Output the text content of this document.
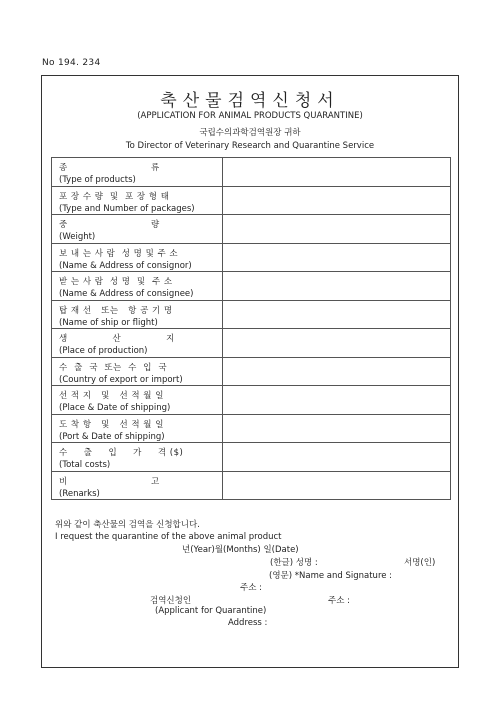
No 194. 234
축산물검역신청서
(APPLICATION FOR ANIMAL PRODUCTS QUARANTINE)
국립수의과학검역원장 귀하
To Director of Veterinary Research and Quarantine Service
종                          류
(Type of products)	

포 장 수 량  및  포 장 형 태
(Type and Number of packages)	

중                          량
(Weight)	

보 내 는 사 람  성 명 및 주 소
(Name & Address of consignor)	

받 는 사 람  성 명  및  주 소
(Name & Address of consignee)	

탑 재 선   또는   항 공 기 명
(Name of ship or flight)	

생              산              지
(Place of production)	

수  출  국  또는  수  입  국
(Country of export or import)	

선 적 지   및   선 적 월 일
(Place & Date of shipping)	

도 착 항   및   선 적 월 일
(Port & Date of shipping)	

수     출     입     가     격 ($)
(Total costs)	

비                          고
(Renarks)	

위와 같이 축산물의 검역을 신청합니다.
I request the quarantine of the above animal product
년(Year)월(Months) 일(Date)
(한글) 성명 :	서명(인)
(영문) *Name and Signature :
주소 :
검역신청인	주소 :
(Applicant for Quarantine)
Address :
